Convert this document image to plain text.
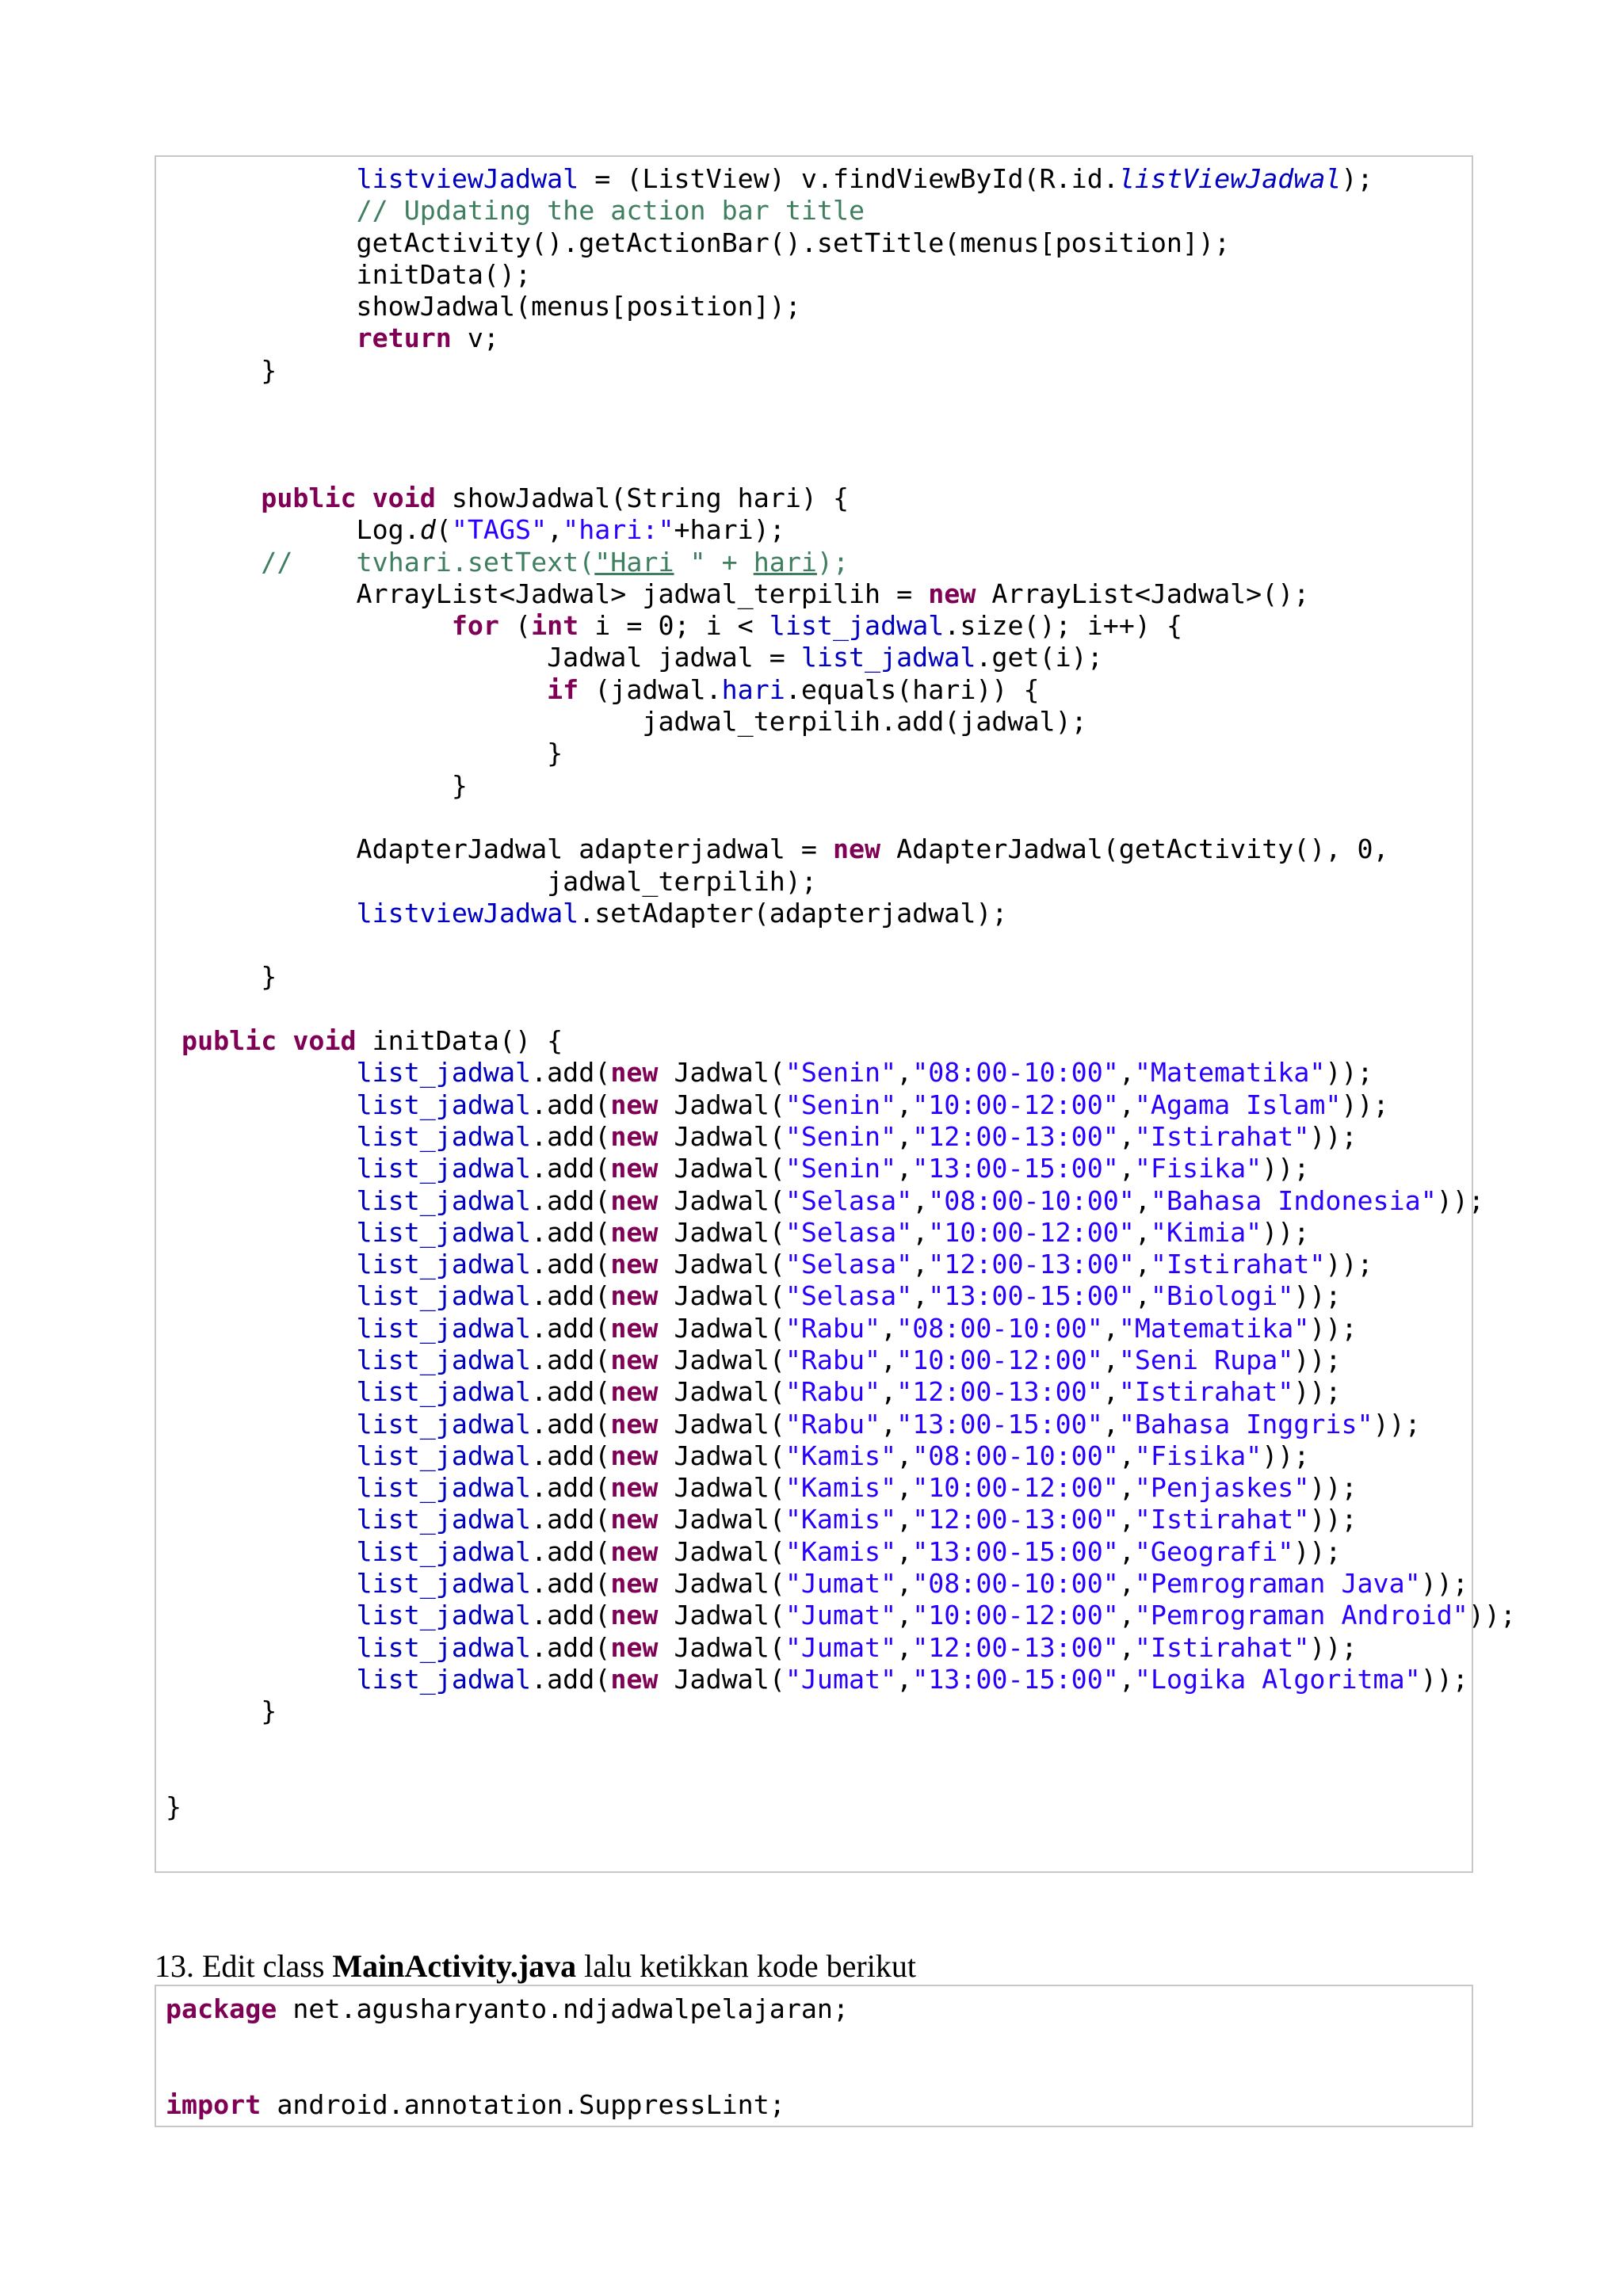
listviewJadwal = (ListView) v.findViewById(R.id.listViewJadwal);
// Updating the action bar title
getActivity().getActionBar().setTitle(menus[position]);
initData();
showJadwal(menus[position]);
return v;
}

public void showJadwal(String hari) {
Log.d("TAGS","hari:"+hari);
//    tvhari.setText("Hari " + hari);
ArrayList<Jadwal> jadwal_terpilih = new ArrayList<Jadwal>();
for (int i = 0; i < list_jadwal.size(); i++) {
Jadwal jadwal = list_jadwal.get(i);
if (jadwal.hari.equals(hari)) {
jadwal_terpilih.add(jadwal);
}
}

AdapterJadwal adapterjadwal = new AdapterJadwal(getActivity(), 0,
jadwal_terpilih);
listviewJadwal.setAdapter(adapterjadwal);

}

public void initData() {
list_jadwal.add(new Jadwal("Senin","08:00-10:00","Matematika"));
list_jadwal.add(new Jadwal("Senin","10:00-12:00","Agama Islam"));
list_jadwal.add(new Jadwal("Senin","12:00-13:00","Istirahat"));
list_jadwal.add(new Jadwal("Senin","13:00-15:00","Fisika"));
list_jadwal.add(new Jadwal("Selasa","08:00-10:00","Bahasa Indonesia"));
list_jadwal.add(new Jadwal("Selasa","10:00-12:00","Kimia"));
list_jadwal.add(new Jadwal("Selasa","12:00-13:00","Istirahat"));
list_jadwal.add(new Jadwal("Selasa","13:00-15:00","Biologi"));
list_jadwal.add(new Jadwal("Rabu","08:00-10:00","Matematika"));
list_jadwal.add(new Jadwal("Rabu","10:00-12:00","Seni Rupa"));
list_jadwal.add(new Jadwal("Rabu","12:00-13:00","Istirahat"));
list_jadwal.add(new Jadwal("Rabu","13:00-15:00","Bahasa Inggris"));
list_jadwal.add(new Jadwal("Kamis","08:00-10:00","Fisika"));
list_jadwal.add(new Jadwal("Kamis","10:00-12:00","Penjaskes"));
list_jadwal.add(new Jadwal("Kamis","12:00-13:00","Istirahat"));
list_jadwal.add(new Jadwal("Kamis","13:00-15:00","Geografi"));
list_jadwal.add(new Jadwal("Jumat","08:00-10:00","Pemrograman Java"));
list_jadwal.add(new Jadwal("Jumat","10:00-12:00","Pemrograman Android"));
list_jadwal.add(new Jadwal("Jumat","12:00-13:00","Istirahat"));
list_jadwal.add(new Jadwal("Jumat","13:00-15:00","Logika Algoritma"));
}

}
13. Edit class MainActivity.java lalu ketikkan kode berikut
package net.agusharyanto.ndjadwalpelajaran;

import android.annotation.SuppressLint;
